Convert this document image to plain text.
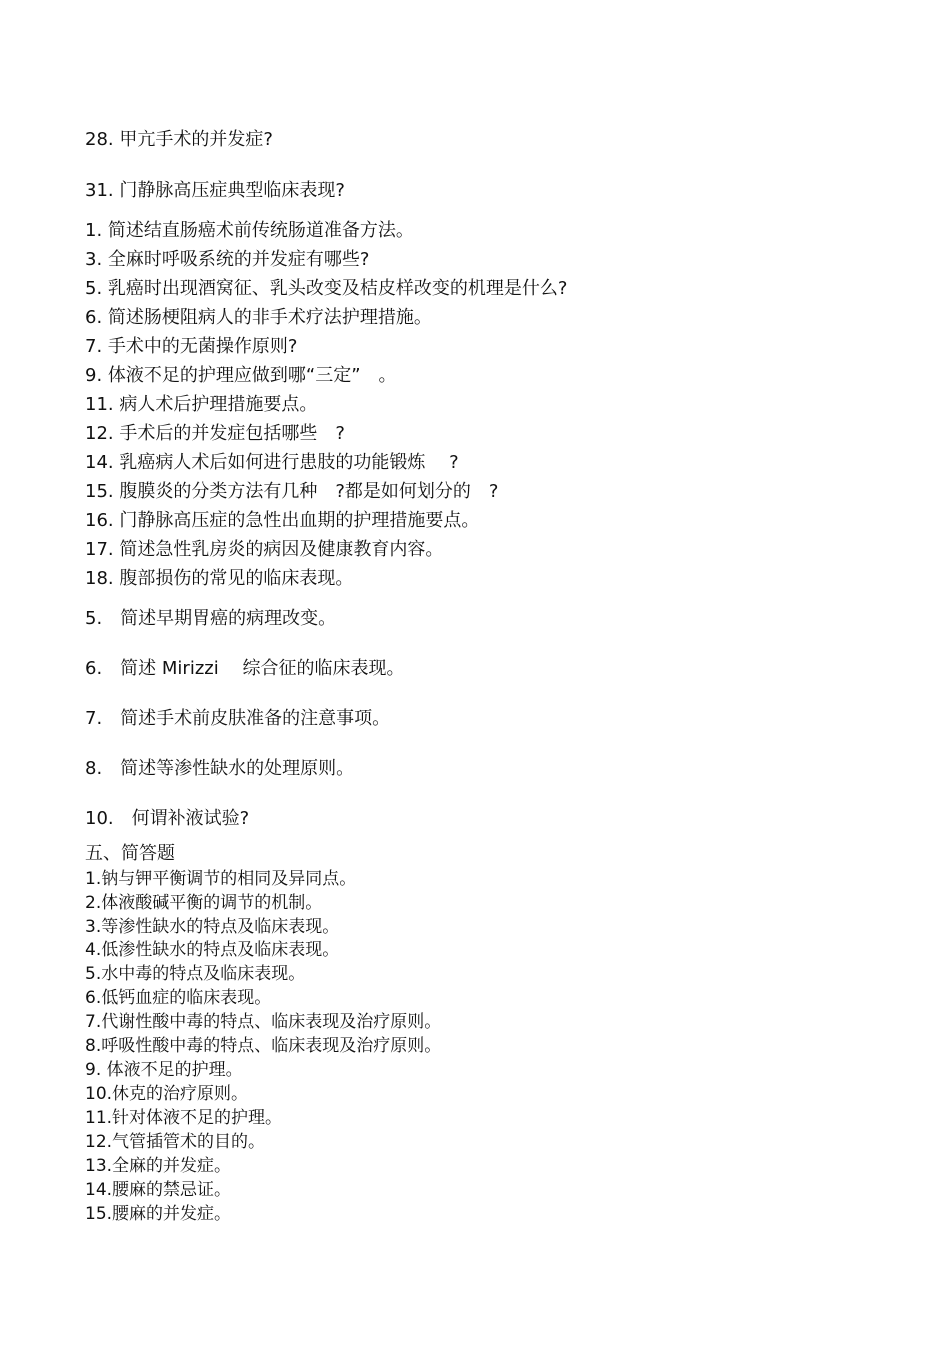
28. 甲亢手术的并发症?

31. 门静脉高压症典型临床表现?

1. 简述结直肠癌术前传统肠道准备方法。

3. 全麻时呼吸系统的并发症有哪些?

5. 乳癌时出现酒窝征、乳头改变及桔皮样改变的机理是什么?

6. 简述肠梗阻病人的非手术疗法护理措施。

7. 手术中的无菌操作原则?

9. 体液不足的护理应做到哪“三定”　。

11. 病人术后护理措施要点。

12. 手术后的并发症包括哪些　?

14. 乳癌病人术后如何进行患肢的功能锻炼　 ?

15. 腹膜炎的分类方法有几种　?都是如何划分的　?

16. 门静脉高压症的急性出血期的护理措施要点。

17. 简述急性乳房炎的病因及健康教育内容。

18. 腹部损伤的常见的临床表现。

5.　简述早期胃癌的病理改变。

6.　简述 Mirizzi　 综合征的临床表现。

7.　简述手术前皮肤准备的注意事项。

8.　简述等渗性缺水的处理原则。

10.　何谓补液试验?

五、简答题

1.钠与钾平衡调节的相同及异同点。

2.体液酸碱平衡的调节的机制。

3.等渗性缺水的特点及临床表现。

4.低渗性缺水的特点及临床表现。

5.水中毒的特点及临床表现。

6.低钙血症的临床表现。

7.代谢性酸中毒的特点、临床表现及治疗原则。

8.呼吸性酸中毒的特点、临床表现及治疗原则。

9. 体液不足的护理。

10.休克的治疗原则。

11.针对体液不足的护理。

12.气管插管术的目的。

13.全麻的并发症。

14.腰麻的禁忌证。

15.腰麻的并发症。
